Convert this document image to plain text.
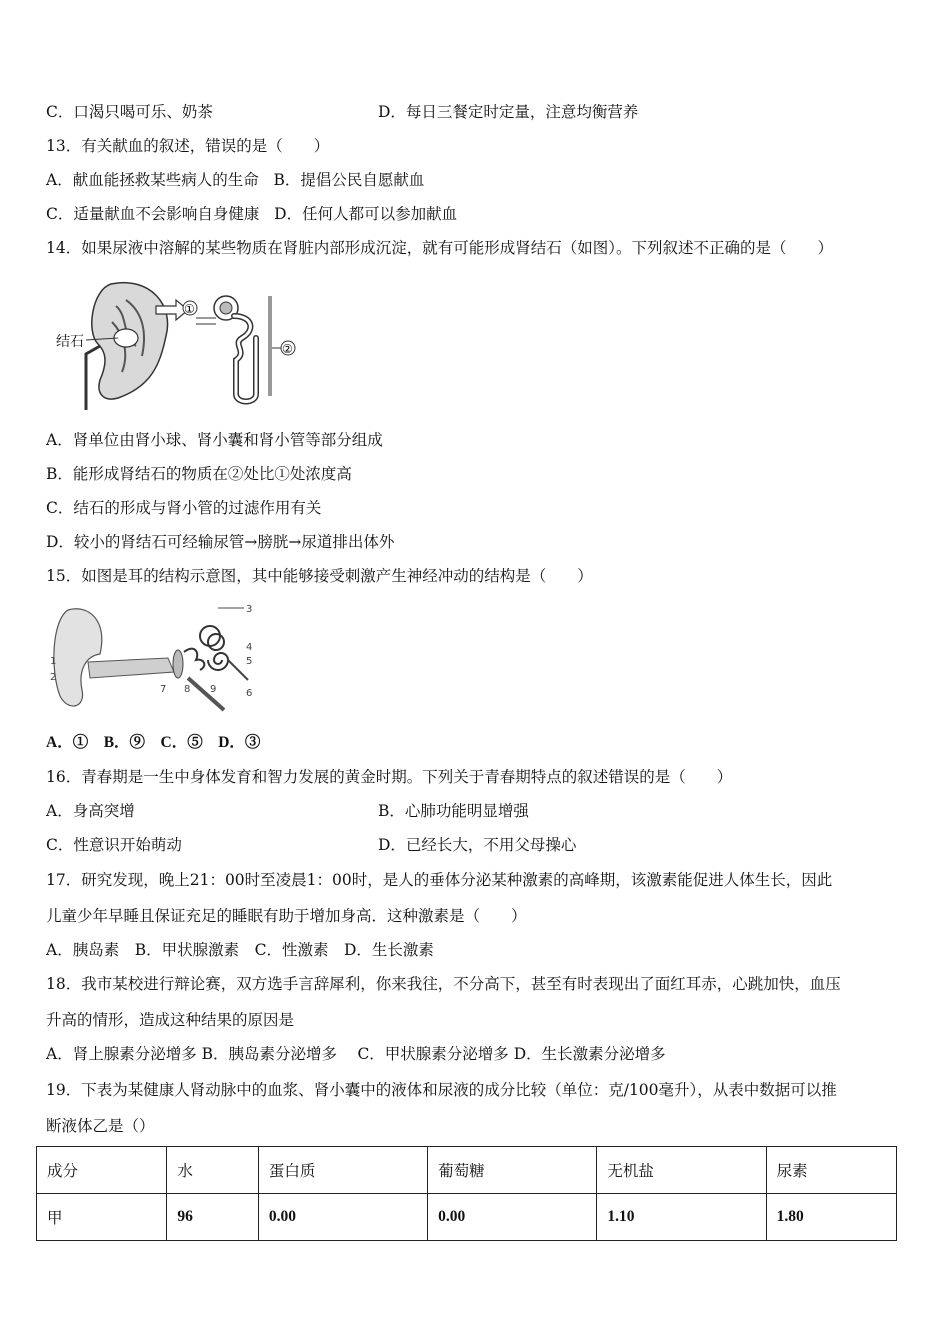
C．口渴只喝可乐、奶茶	D．每日三餐定时定量，注意均衡营养
13．有关献血的叙述，错误的是（　　）
A．献血能拯救某些病人的生命 B．提倡公民自愿献血
C．适量献血不会影响自身健康 D．任何人都可以参加献血
14．如果尿液中溶解的某些物质在肾脏内部形成沉淀，就有可能形成肾结石（如图）。下列叙述不正确的是（　　）
结石
①
②
A．肾单位由肾小球、肾小囊和肾小管等部分组成
B．能形成肾结石的物质在②处比①处浓度高
C．结石的形成与肾小管的过滤作用有关
D．较小的肾结石可经输尿管→膀胱→尿道排出体外
15．如图是耳的结构示意图，其中能够接受刺激产生神经冲动的结构是（　　）
3
4
5
6
1
2
8 9
7
A．①　B．⑨　C．⑤　D．③
16．青春期是一生中身体发育和智力发展的黄金时期。下列关于青春期特点的叙述错误的是（　　）
A．身高突增	B．心肺功能明显增强
C．性意识开始萌动	D．已经长大，不用父母操心
17．研究发现，晚上21：00时至凌晨1：00时，是人的垂体分泌某种激素的高峰期，该激素能促进人体生长，因此
儿童少年早睡且保证充足的睡眠有助于增加身高．这种激素是（　　）
A．胰岛素　B．甲状腺激素　C．性激素　D．生长激素
18．我市某校进行辩论赛，双方选手言辞犀利，你来我往，不分高下，甚至有时表现出了面红耳赤，心跳加快，血压
升高的情形，造成这种结果的原因是
A．肾上腺素分泌增多 B．胰岛素分泌增多　 C．甲状腺素分泌增多 D．生长激素分泌增多
19．下表为某健康人肾动脉中的血浆、肾小囊中的液体和尿液的成分比较（单位：克/100毫升），从表中数据可以推
断液体乙是（）
成分	水	蛋白质	葡萄糖	无机盐	尿素
甲	96	0.00	0.00	1.10	1.80
